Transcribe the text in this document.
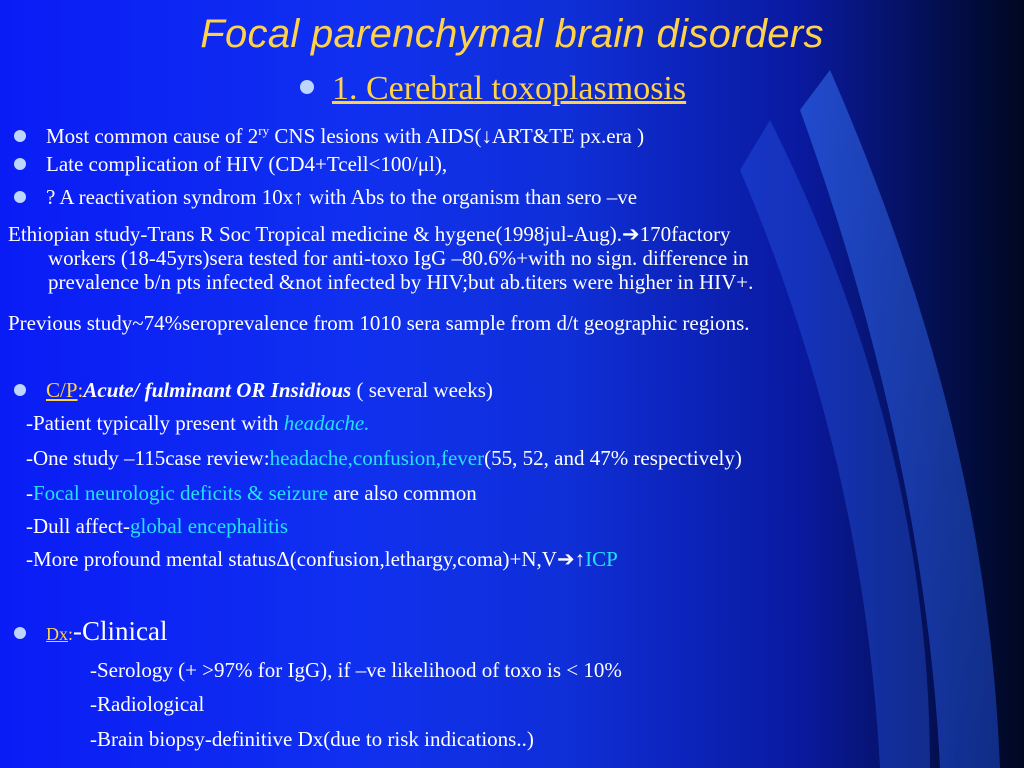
Focal parenchymal brain disorders
1. Cerebral toxoplasmosis
Most common cause of $2^{ry}$ CNS lesions with AIDS(↓ART&TE px.era )
Late complication of HIV (CD4+Tcell<100/μl),
? A reactivation syndrom 10x↑ with Abs to the organism than sero –ve
Ethiopian study-Trans R Soc Tropical medicine & hygene(1998jul-Aug).➔170factory
workers (18-45yrs)sera tested for anti-toxo IgG –80.6%+with no sign. difference in
prevalence b/n pts infected &not infected by HIV;but ab.titers were higher in HIV+.
Previous study~74%seroprevalence from 1010 sera sample from d/t geographic regions.
C/P:Acute/ fulminant OR Insidious ( several weeks)
-Patient typically present with headache.
-One study –115case review:headache,confusion,fever(55, 52, and 47% respectively)
-Focal neurologic deficits & seizure are also common
-Dull affect-global encephalitis
-More profound mental statusΔ(confusion,lethargy,coma)+N,V➔↑ICP
Dx:-Clinical
-Serology (+ >97% for IgG), if –ve likelihood of toxo is < 10%
-Radiological
-Brain biopsy-definitive Dx(due to risk indications..)
